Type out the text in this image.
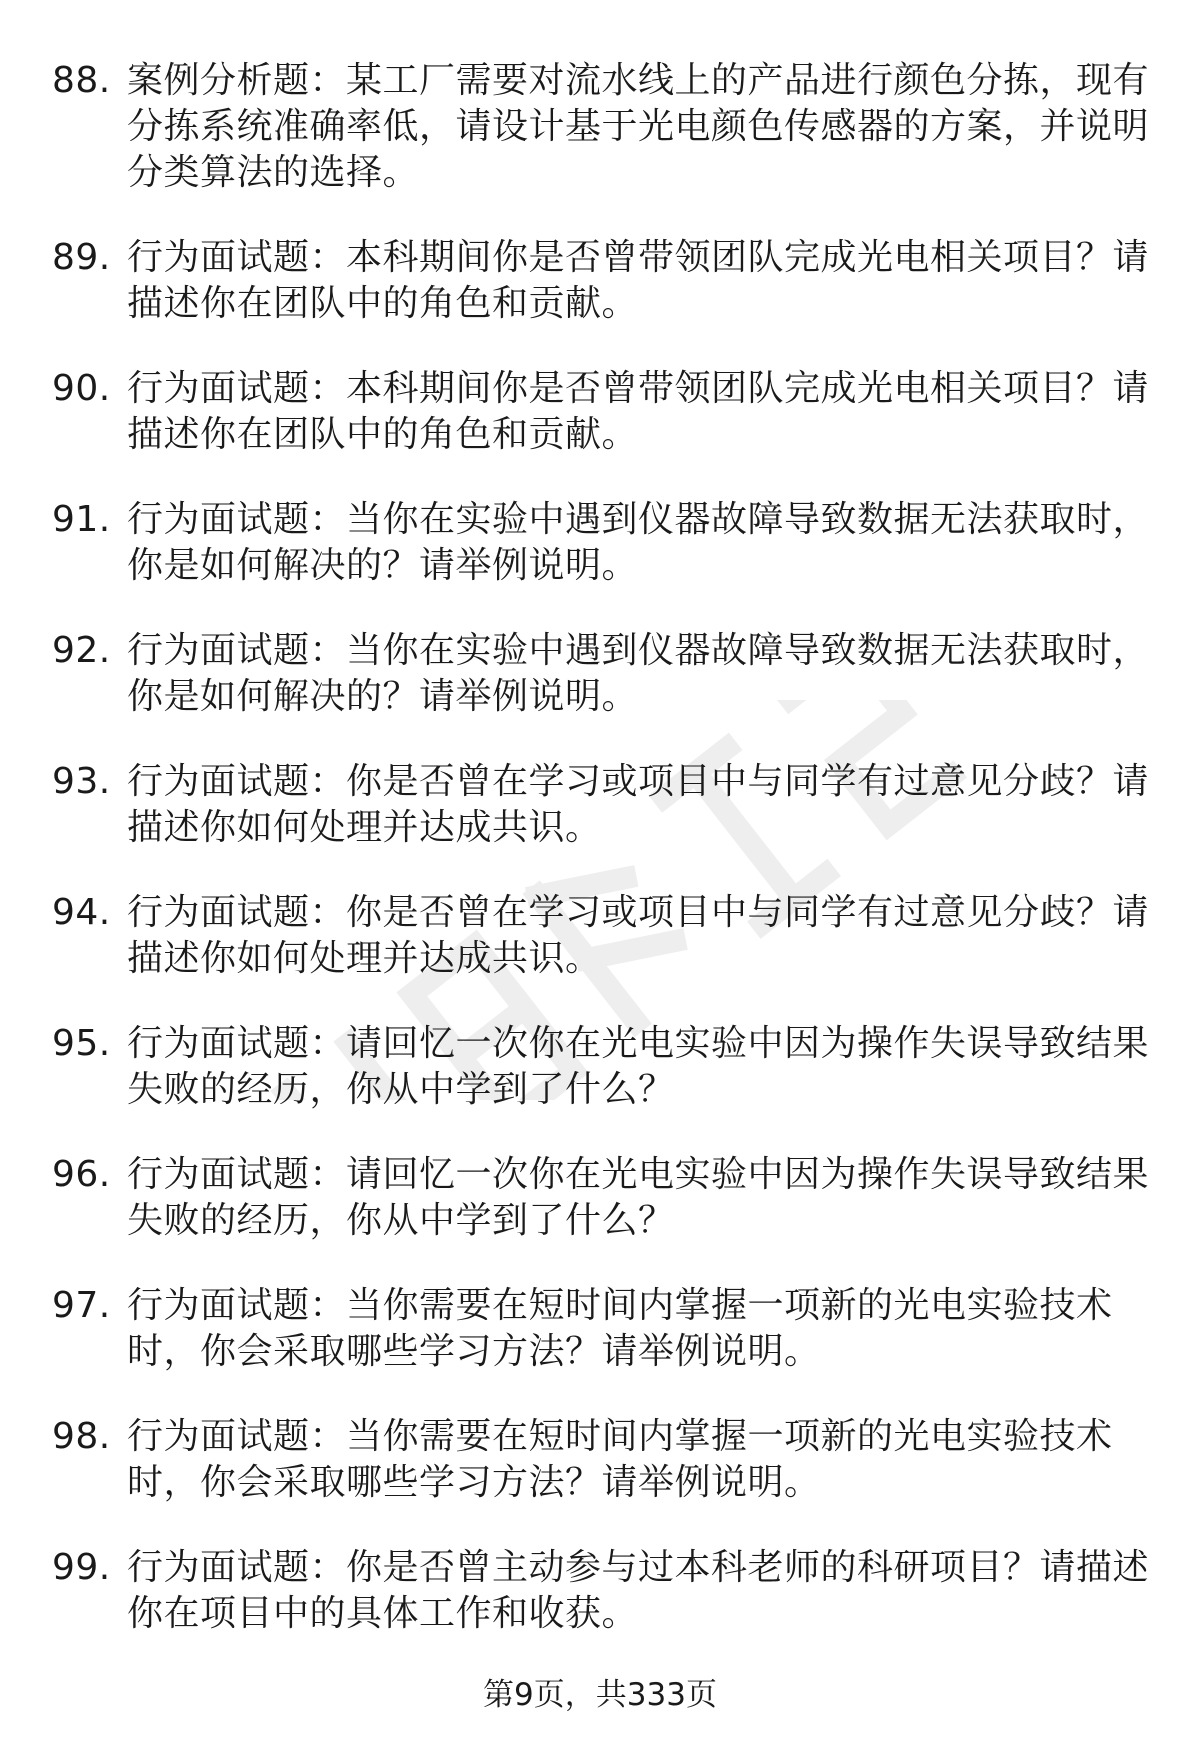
88. 案例分析题：某工厂需要对流水线上的产品进行颜色分拣，现有分拣系统准确率低，请设计基于光电颜色传感器的方案，并说明分类算法的选择。
89. 行为面试题：本科期间你是否曾带领团队完成光电相关项目？请描述你在团队中的角色和贡献。
90. 行为面试题：本科期间你是否曾带领团队完成光电相关项目？请描述你在团队中的角色和贡献。
91. 行为面试题：当你在实验中遇到仪器故障导致数据无法获取时，你是如何解决的？请举例说明。
92. 行为面试题：当你在实验中遇到仪器故障导致数据无法获取时，你是如何解决的？请举例说明。
93. 行为面试题：你是否曾在学习或项目中与同学有过意见分歧？请描述你如何处理并达成共识。
94. 行为面试题：你是否曾在学习或项目中与同学有过意见分歧？请描述你如何处理并达成共识。
95. 行为面试题：请回忆一次你在光电实验中因为操作失误导致结果失败的经历，你从中学到了什么？
96. 行为面试题：请回忆一次你在光电实验中因为操作失误导致结果失败的经历，你从中学到了什么？
97. 行为面试题：当你需要在短时间内掌握一项新的光电实验技术时，你会采取哪些学习方法？请举例说明。
98. 行为面试题：当你需要在短时间内掌握一项新的光电实验技术时，你会采取哪些学习方法？请举例说明。
99. 行为面试题：你是否曾主动参与过本科老师的科研项目？请描述你在项目中的具体工作和收获。
第9页，共333页
